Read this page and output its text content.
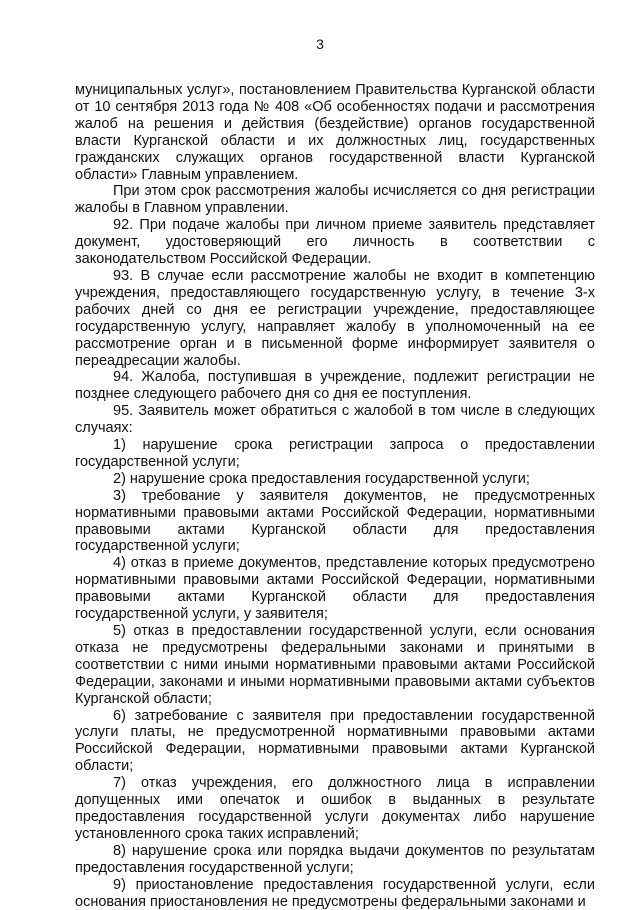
3

муниципальных услуг», постановлением Правительства Курганской области от 10 сентября 2013 года № 408 «Об особенностях подачи и рассмотрения жалоб на решения и действия (бездействие) органов государственной власти Курганской области и их должностных лиц, государственных гражданских служащих органов государственной власти Курганской области» Главным управлением.

При этом срок рассмотрения жалобы исчисляется со дня регистрации жалобы в Главном управлении.

92. При подаче жалобы при личном приеме заявитель представляет документ, удостоверяющий его личность в соответствии с законодательством Российской Федерации.

93. В случае если рассмотрение жалобы не входит в компетенцию учреждения, предоставляющего государственную услугу, в течение 3-х рабочих дней со дня ее регистрации учреждение, предоставляющее государственную услугу, направляет жалобу в уполномоченный на ее рассмотрение орган и в письменной форме информирует заявителя о переадресации жалобы.

94. Жалоба, поступившая в учреждение, подлежит регистрации не позднее следующего рабочего дня со дня ее поступления.

95. Заявитель может обратиться с жалобой в том числе в следующих случаях:

1) нарушение срока регистрации запроса о предоставлении государственной услуги;

2) нарушение срока предоставления государственной услуги;

3) требование у заявителя документов, не предусмотренных нормативными правовыми актами Российской Федерации, нормативными правовыми актами Курганской области для предоставления государственной услуги;

4) отказ в приеме документов, представление которых предусмотрено нормативными правовыми актами Российской Федерации, нормативными правовыми актами Курганской области для предоставления государственной услуги, у заявителя;

5) отказ в предоставлении государственной услуги, если основания отказа не предусмотрены федеральными законами и принятыми в соответствии с ними иными нормативными правовыми актами Российской Федерации, законами и иными нормативными правовыми актами субъектов Курганской области;

6) затребование с заявителя при предоставлении государственной услуги платы, не предусмотренной нормативными правовыми актами Российской Федерации, нормативными правовыми актами Курганской области;

7) отказ учреждения, его должностного лица в исправлении допущенных ими опечаток и ошибок в выданных в результате предоставления государственной услуги документах либо нарушение установленного срока таких исправлений;

8) нарушение срока или порядка выдачи документов по результатам предоставления государственной услуги;

9) приостановление предоставления государственной услуги, если основания приостановления не предусмотрены федеральными законами и
